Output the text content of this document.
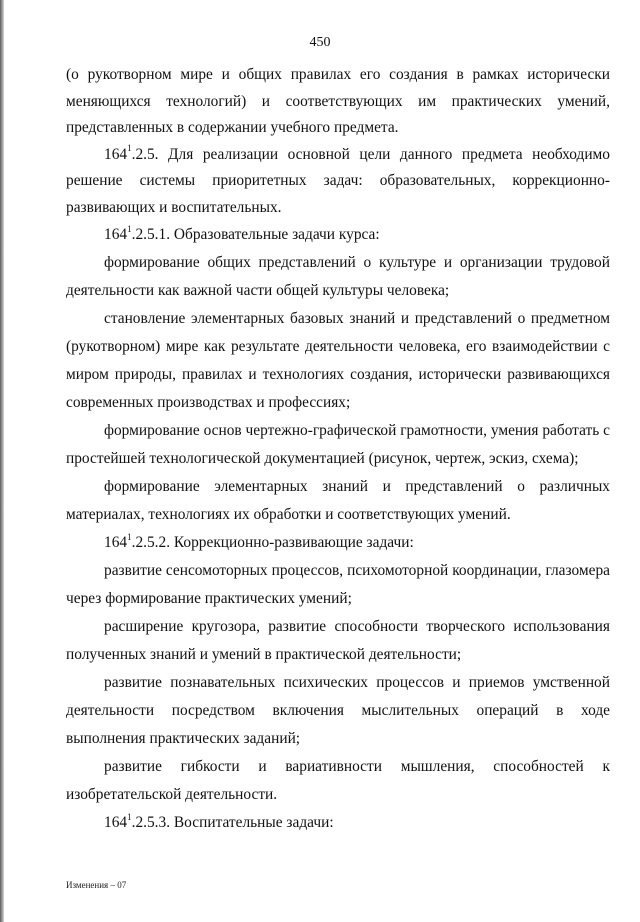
450

(о рукотворном мире и общих правилах его создания в рамках исторически меняющихся технологий) и соответствующих им практических умений, представленных в содержании учебного предмета.

$164^1.2.5$. Для реализации основной цели данного предмета необходимо решение системы приоритетных задач: образовательных, коррекционно-развивающих и воспитательных.

$164^1.2.5.1$. Образовательные задачи курса:

формирование общих представлений о культуре и организации трудовой деятельности как важной части общей культуры человека;

становление элементарных базовых знаний и представлений о предметном (рукотворном) мире как результате деятельности человека, его взаимодействии с миром природы, правилах и технологиях создания, исторически развивающихся современных производствах и профессиях;

формирование основ чертежно-графической грамотности, умения работать с простейшей технологической документацией (рисунок, чертеж, эскиз, схема);

формирование элементарных знаний и представлений о различных материалах, технологиях их обработки и соответствующих умений.

$164^1.2.5.2$. Коррекционно-развивающие задачи:

развитие сенсомоторных процессов, психомоторной координации, глазомера через формирование практических умений;

расширение кругозора, развитие способности творческого использования полученных знаний и умений в практической деятельности;

развитие познавательных психических процессов и приемов умственной деятельности посредством включения мыслительных операций в ходе выполнения практических заданий;

развитие гибкости и вариативности мышления, способностей к изобретательской деятельности.

$164^1.2.5.3$. Воспитательные задачи:

Изменения – 07
